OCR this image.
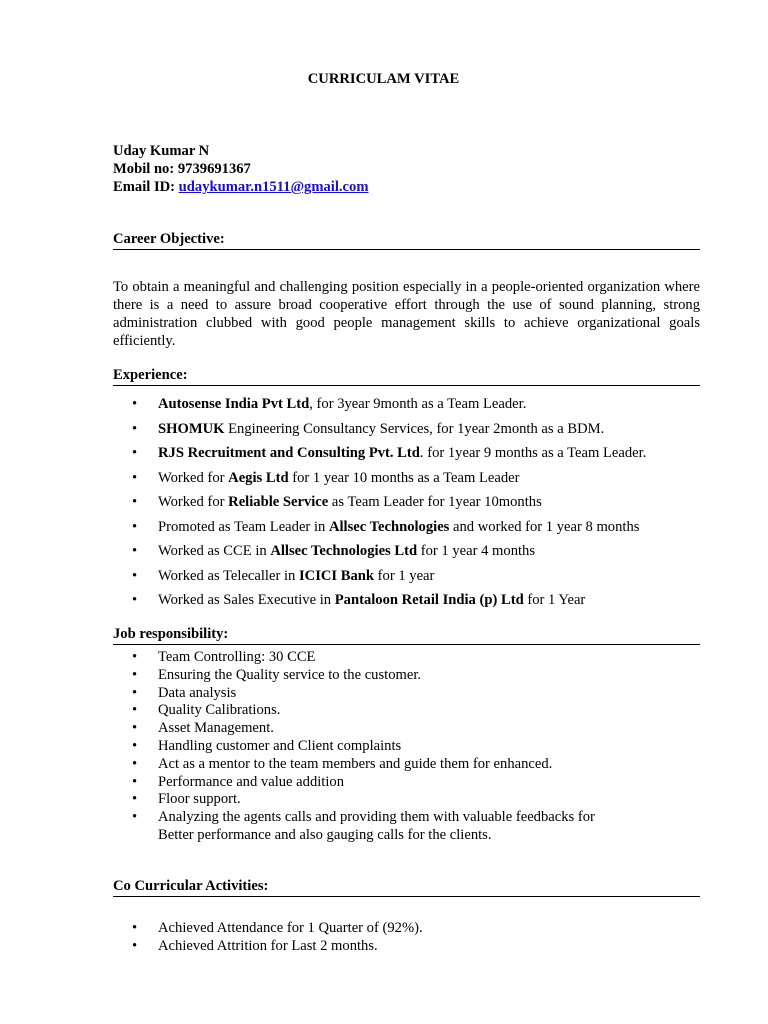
CURRICULAM VITAE
Uday Kumar N
Mobil no: 9739691367
Email ID: udaykumar.n1511@gmail.com
Career Objective:
To obtain a meaningful and challenging position especially in a people-oriented organization where there is a need to assure broad cooperative effort through the use of sound planning, strong administration clubbed with good people management skills to achieve organizational goals efficiently.
Experience:
• Autosense India Pvt Ltd, for 3year 9month as a Team Leader.
• SHOMUK Engineering Consultancy Services, for 1year 2month as a BDM.
• RJS Recruitment and Consulting Pvt. Ltd. for 1year 9 months as a Team Leader.
• Worked for Aegis Ltd for 1 year 10 months as a Team Leader
• Worked for Reliable Service as Team Leader for 1year 10months
• Promoted as Team Leader in Allsec Technologies and worked for 1 year 8 months
• Worked as CCE in Allsec Technologies Ltd for 1 year 4 months
• Worked as Telecaller in ICICI Bank for 1 year
• Worked as Sales Executive in Pantaloon Retail India (p) Ltd for 1 Year
Job responsibility:
• Team Controlling: 30 CCE
• Ensuring the Quality service to the customer.
• Data analysis
• Quality Calibrations.
• Asset Management.
• Handling customer and Client complaints
• Act as a mentor to the team members and guide them for enhanced.
• Performance and value addition
• Floor support.
• Analyzing the agents calls and providing them with valuable feedbacks for
Better performance and also gauging calls for the clients.
Co Curricular Activities:
• Achieved Attendance for 1 Quarter of (92%).
• Achieved Attrition for Last 2 months.
